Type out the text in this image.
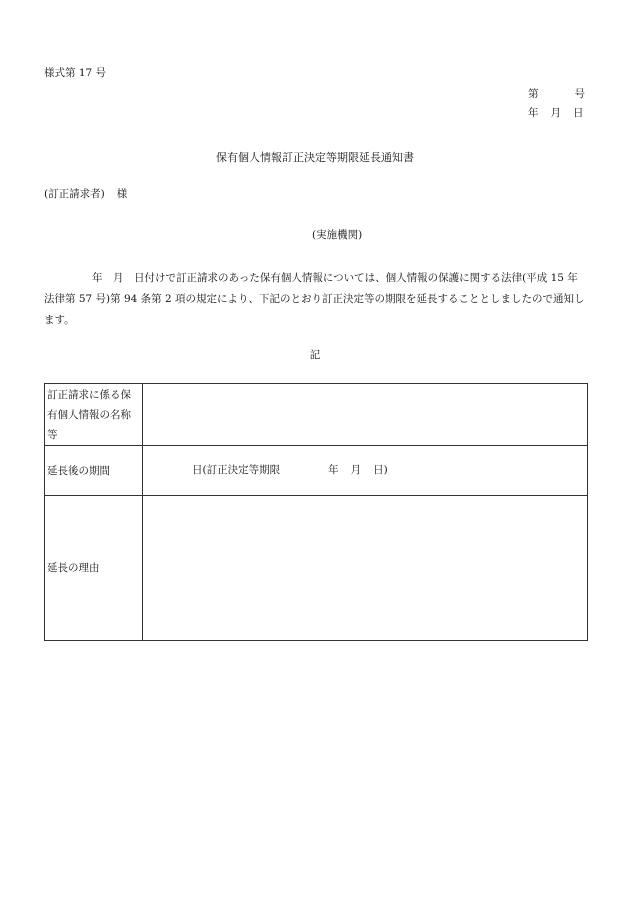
様式第 17 号
第	号
年 月 日
保有個人情報訂正決定等期限延長通知書
(訂正請求者) 様
(実施機関)
年　月　日付けで訂正請求のあった保有個人情報については、個人情報の保護に関する法律(平成 15 年法律第 57 号)第 94 条第 2 項の規定により、下記のとおり訂正決定等の期限を延長することとしましたので通知します。
記
訂正請求に係る保有個人情報の名称等	

延長後の期間	日(訂正決定等期限 年 月 日)

延長の理由	
